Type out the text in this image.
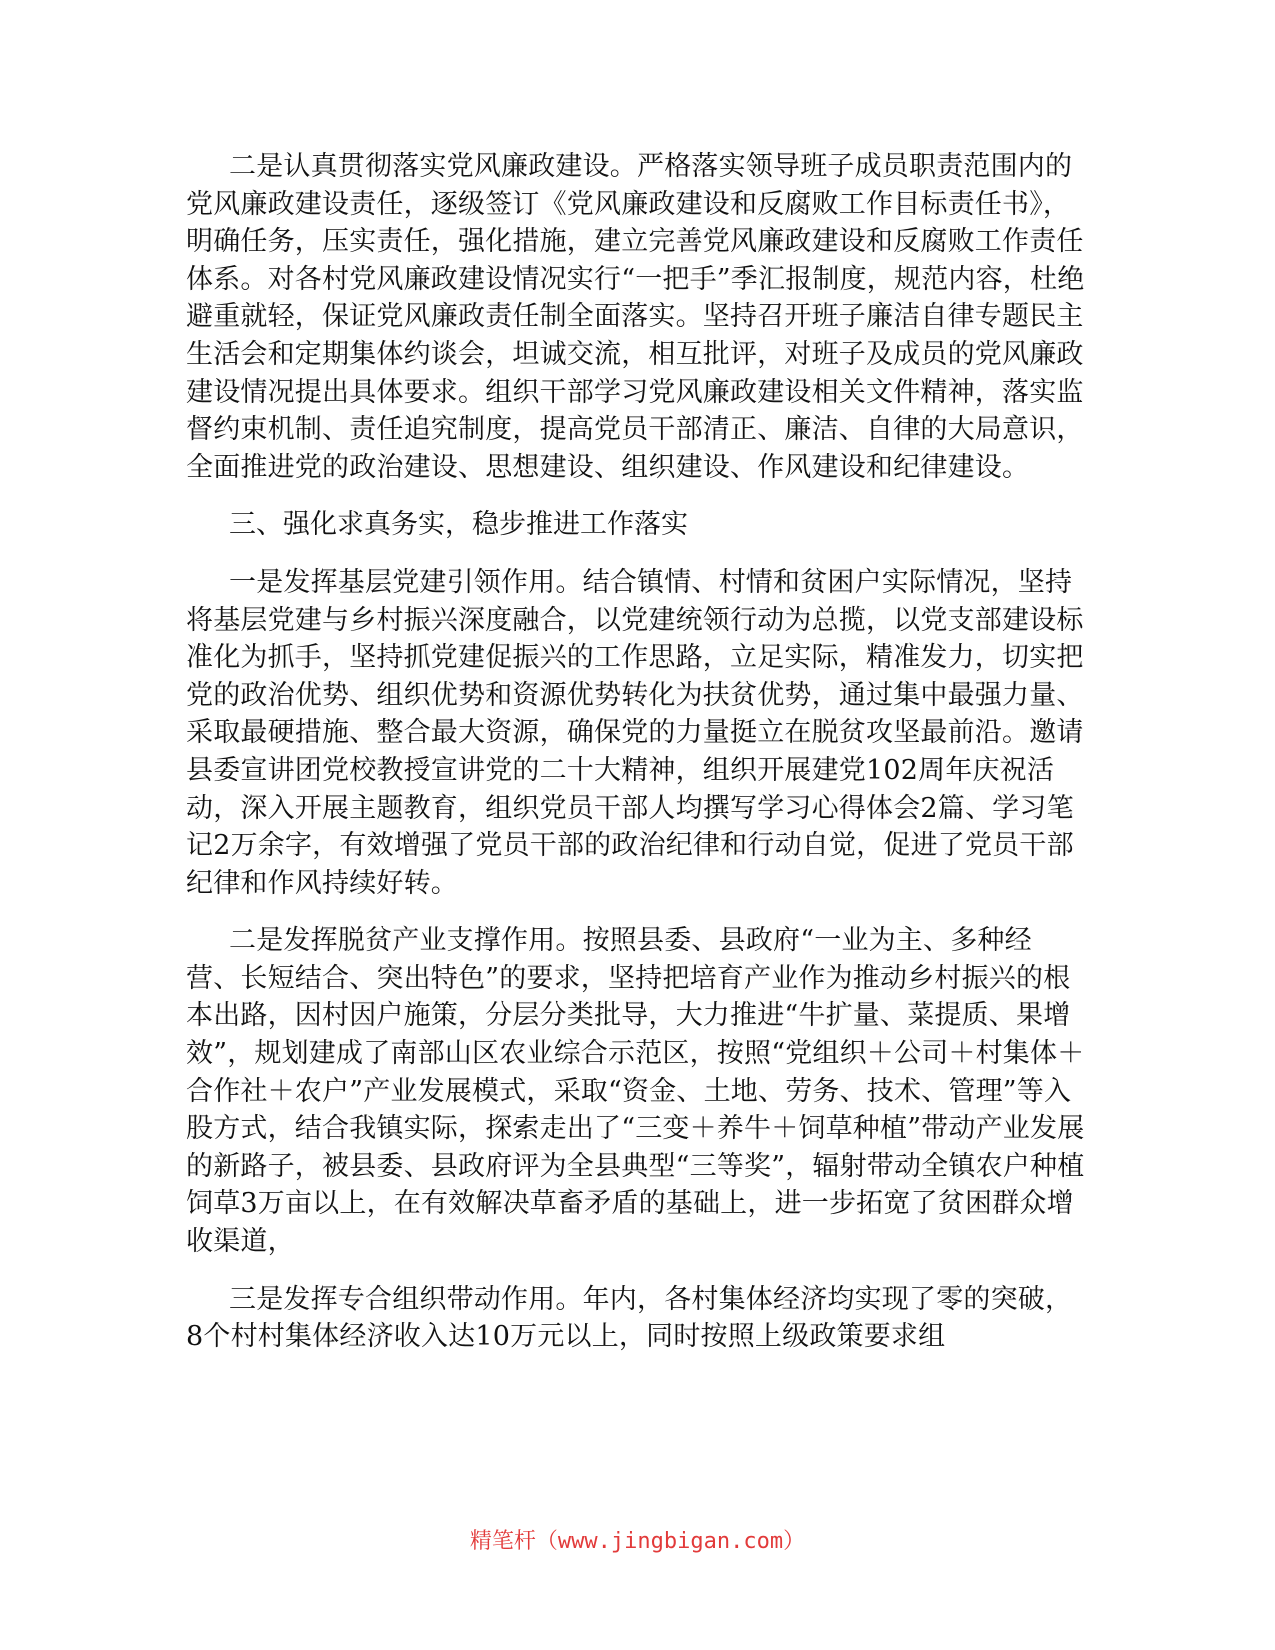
二是认真贯彻落实党风廉政建设。严格落实领导班子成员职责范围内的党风廉政建设责任，逐级签订《党风廉政建设和反腐败工作目标责任书》，明确任务，压实责任，强化措施，建立完善党风廉政建设和反腐败工作责任体系。对各村党风廉政建设情况实行“一把手”季汇报制度，规范内容，杜绝避重就轻，保证党风廉政责任制全面落实。坚持召开班子廉洁自律专题民主生活会和定期集体约谈会，坦诚交流，相互批评，对班子及成员的党风廉政建设情况提出具体要求。组织干部学习党风廉政建设相关文件精神，落实监督约束机制、责任追究制度，提高党员干部清正、廉洁、自律的大局意识，全面推进党的政治建设、思想建设、组织建设、作风建设和纪律建设。

三、强化求真务实，稳步推进工作落实

一是发挥基层党建引领作用。结合镇情、村情和贫困户实际情况，坚持将基层党建与乡村振兴深度融合，以党建统领行动为总揽，以党支部建设标准化为抓手，坚持抓党建促振兴的工作思路，立足实际，精准发力，切实把党的政治优势、组织优势和资源优势转化为扶贫优势，通过集中最强力量、采取最硬措施、整合最大资源，确保党的力量挺立在脱贫攻坚最前沿。邀请县委宣讲团党校教授宣讲党的二十大精神，组织开展建党102周年庆祝活动，深入开展主题教育，组织党员干部人均撰写学习心得体会2篇、学习笔记2万余字，有效增强了党员干部的政治纪律和行动自觉，促进了党员干部纪律和作风持续好转。

二是发挥脱贫产业支撑作用。按照县委、县政府“一业为主、多种经营、长短结合、突出特色”的要求，坚持把培育产业作为推动乡村振兴的根本出路，因村因户施策，分层分类批导，大力推进“牛扩量、菜提质、果增效”，规划建成了南部山区农业综合示范区，按照“党组织＋公司＋村集体＋合作社＋农户”产业发展模式，采取“资金、土地、劳务、技术、管理”等入股方式，结合我镇实际，探索走出了“三变＋养牛＋饲草种植”带动产业发展的新路子，被县委、县政府评为全县典型“三等奖”，辐射带动全镇农户种植饲草3万亩以上，在有效解决草畜矛盾的基础上，进一步拓宽了贫困群众增收渠道，

三是发挥专合组织带动作用。年内，各村集体经济均实现了零的突破，8个村村集体经济收入达10万元以上，同时按照上级政策要求组

精笔杆（www.jingbigan.com）
